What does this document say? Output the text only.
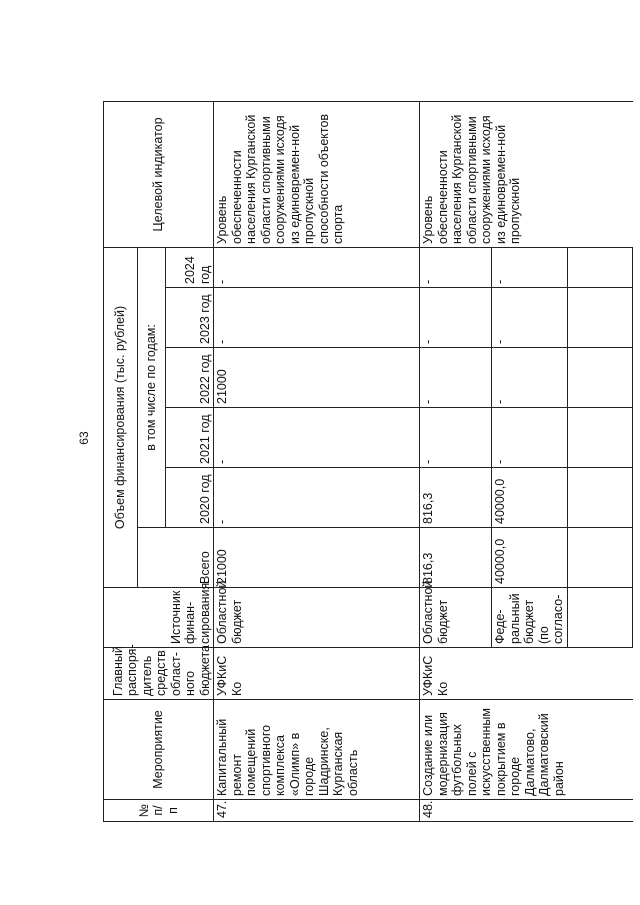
63
№ п/п	Мероприятие	Главный распоря-дитель средств област-ного бюджета	Источник финан-сирования	Объем финансирования (тыс. рублей)						Целевой индикатор
				Всего	в том числе по годам:					
					2020 год	2021 год	2022 год	2023 год	2024 год	
47.	Капитальный ремонт помещений спортивного комплекса «Олимп» в городе Шадринске, Курганская область	УФКиС Ко	Областной бюджет	21000	-	-	21000	-	-	Уровень обеспеченности населения Курганской области спортивными сооружениями исходя из единовремен-ной пропускной способности объектов спорта
48.	Создание или модернизация футбольных полей с искусственным покрытием в городе Далматово, Далматовский район	УФКиС Ко	Областной бюджет	816,3	816,3	-	-	-	-	Уровень обеспеченности населения Курганской области спортивными сооружениями исходя из единовремен-ной пропускной
			Феде-ральный бюджет (по согласо-	40000,0	40000,0	-	-	-	-	
